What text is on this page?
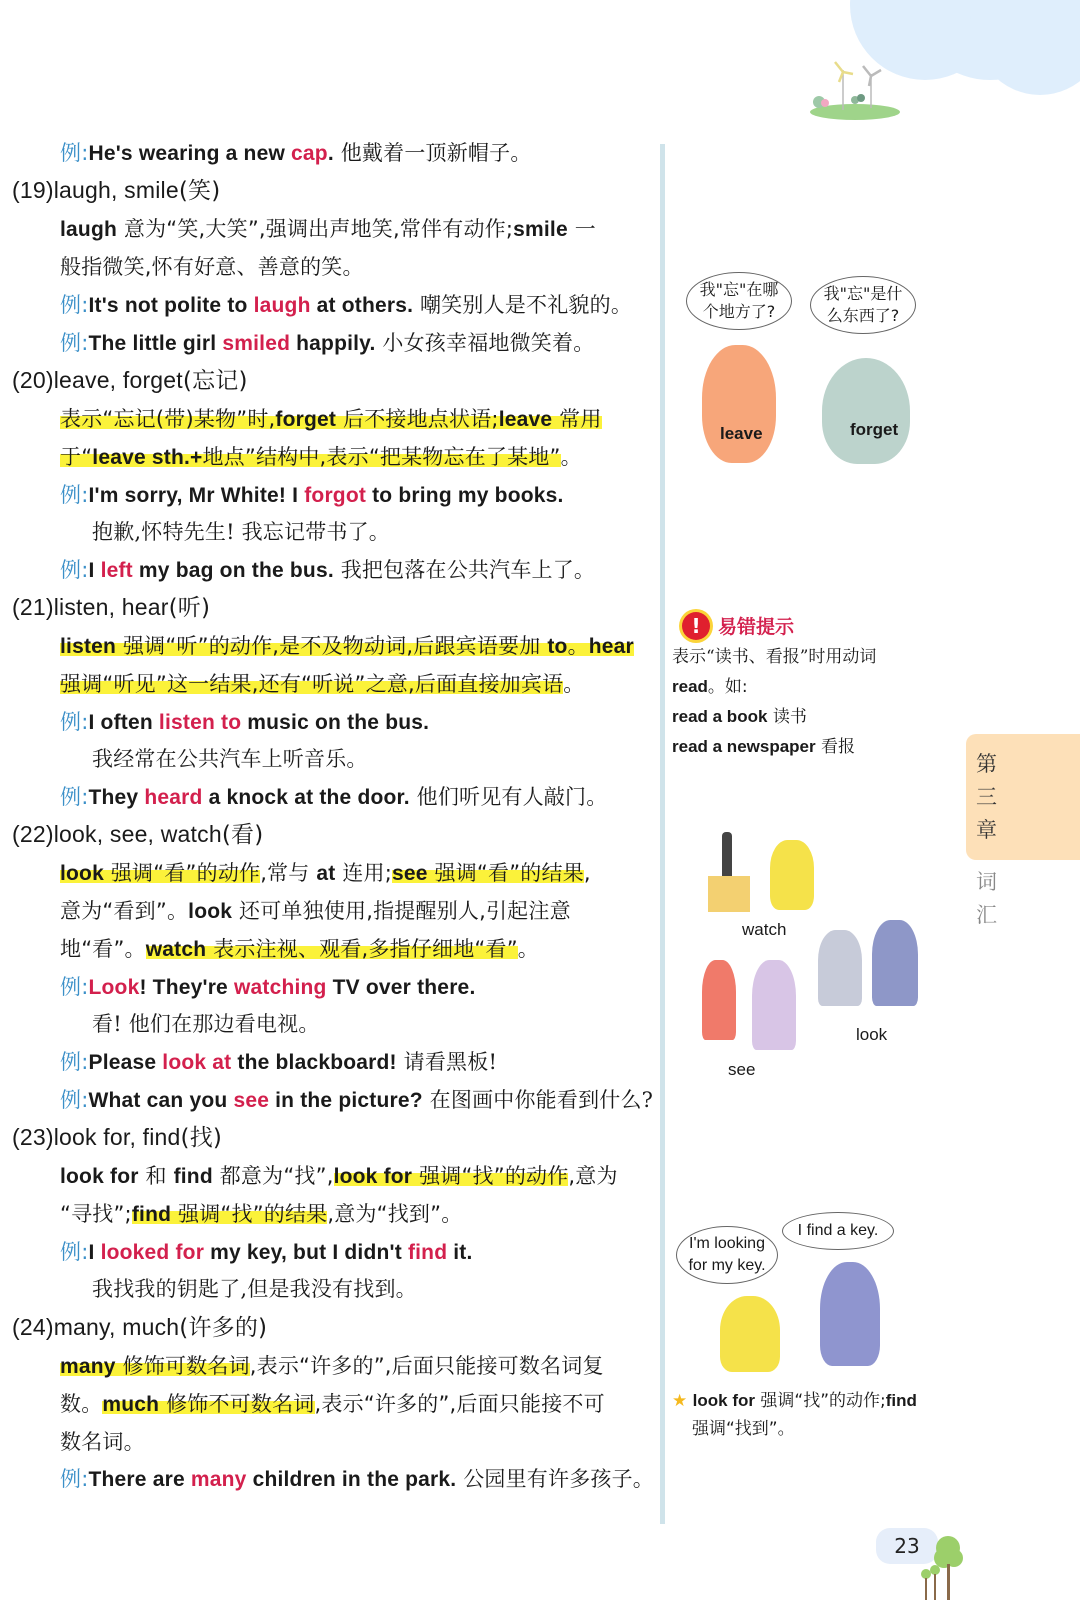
例:He's wearing a new cap. 他戴着一顶新帽子。
(19)laugh, smile(笑)
laugh 意为“笑,大笑”,强调出声地笑,常伴有动作;smile 一
般指微笑,怀有好意、善意的笑。
例:It's not polite to laugh at others. 嘲笑别人是不礼貌的。
例:The little girl smiled happily. 小女孩幸福地微笑着。
(20)leave, forget(忘记)
表示“忘记(带)某物”时,forget 后不接地点状语;leave 常用
于“leave sth.+地点”结构中,表示“把某物忘在了某地”。
例:I'm sorry, Mr White! I forgot to bring my books.
抱歉,怀特先生! 我忘记带书了。
例:I left my bag on the bus. 我把包落在公共汽车上了。
(21)listen, hear(听)
listen 强调“听”的动作,是不及物动词,后跟宾语要加 to。hear
强调“听见”这一结果,还有“听说”之意,后面直接加宾语。
例:I often listen to music on the bus.
我经常在公共汽车上听音乐。
例:They heard a knock at the door. 他们听见有人敲门。
(22)look, see, watch(看)
look 强调“看”的动作,常与 at 连用;see 强调“看”的结果,
意为“看到”。look 还可单独使用,指提醒别人,引起注意
地“看”。watch 表示注视、观看,多指仔细地“看”。
例:Look! They're watching TV over there.
看! 他们在那边看电视。
例:Please look at the blackboard! 请看黑板!
例:What can you see in the picture? 在图画中你能看到什么?
(23)look for, find(找)
look for 和 find 都意为“找”,look for 强调“找”的动作,意为
“寻找”;find 强调“找”的结果,意为“找到”。
例:I looked for my key, but I didn't find it.
我找我的钥匙了,但是我没有找到。
(24)many, much(许多的)
many 修饰可数名词,表示“许多的”,后面只能接可数名词复
数。much 修饰不可数名词,表示“许多的”,后面只能接不可
数名词。
例:There are many children in the park. 公园里有许多孩子。
我"忘"在哪
个地方了?
我"忘"是什
么东西了?
leave	forget
! 易错提示
表示“读书、看报”时用动词
read。如:
read a book 读书
read a newspaper 看报
watch
look
see
I'm looking
for my key.
I find a key.
★ look for 强调“找”的动作;find
强调“找到”。
第
三
章
词
汇
23
